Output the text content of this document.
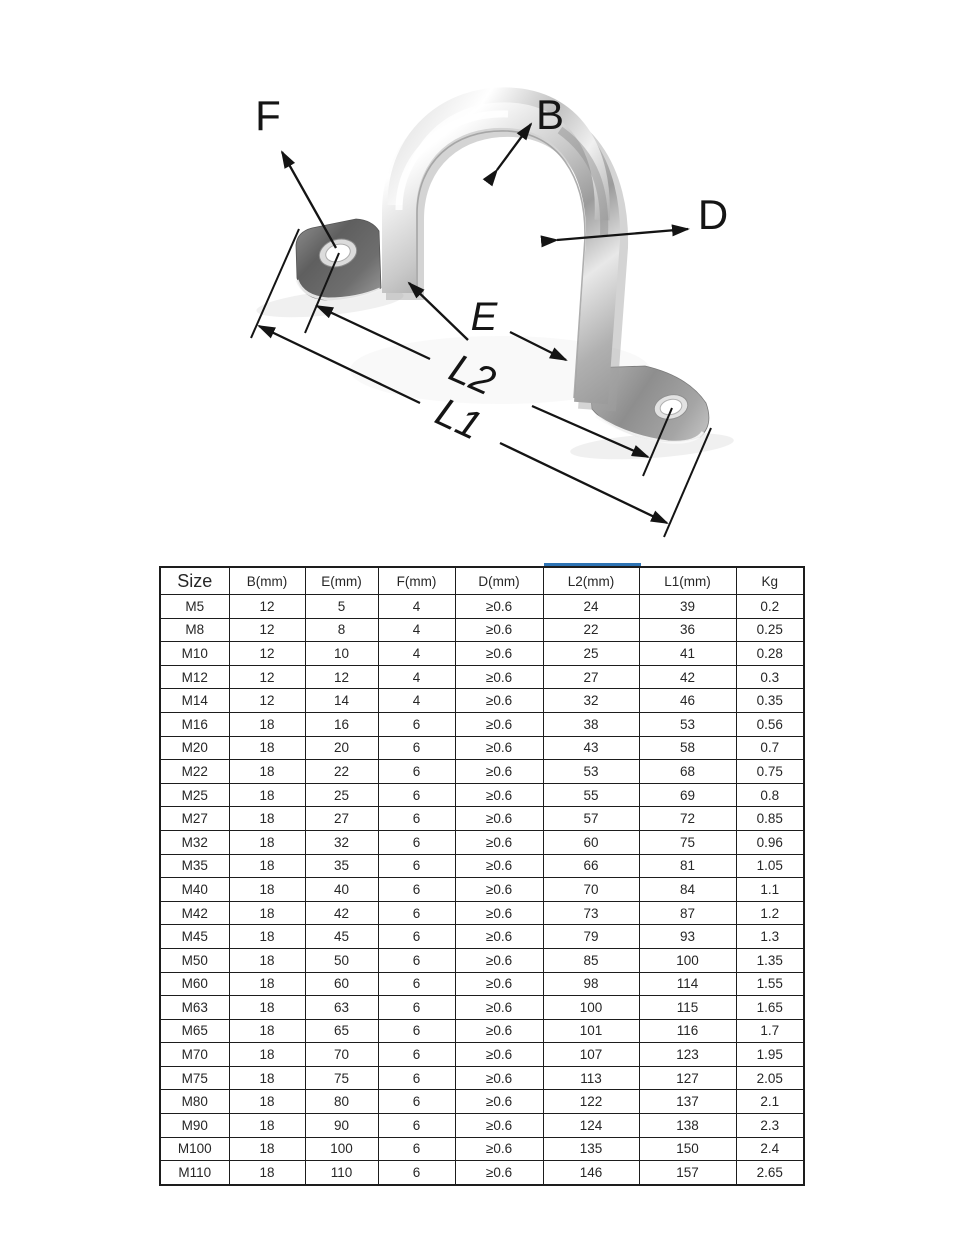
F	B
D
E
L2
L1
Size	B(mm)	E(mm)	F(mm)	D(mm)	L2(mm)	L1(mm)	Kg
M5	12	5	4	≥0.6	24	39	0.2
M8	12	8	4	≥0.6	22	36	0.25
M10	12	10	4	≥0.6	25	41	0.28
M12	12	12	4	≥0.6	27	42	0.3
M14	12	14	4	≥0.6	32	46	0.35
M16	18	16	6	≥0.6	38	53	0.56
M20	18	20	6	≥0.6	43	58	0.7
M22	18	22	6	≥0.6	53	68	0.75
M25	18	25	6	≥0.6	55	69	0.8
M27	18	27	6	≥0.6	57	72	0.85
M32	18	32	6	≥0.6	60	75	0.96
M35	18	35	6	≥0.6	66	81	1.05
M40	18	40	6	≥0.6	70	84	1.1
M42	18	42	6	≥0.6	73	87	1.2
M45	18	45	6	≥0.6	79	93	1.3
M50	18	50	6	≥0.6	85	100	1.35
M60	18	60	6	≥0.6	98	114	1.55
M63	18	63	6	≥0.6	100	115	1.65
M65	18	65	6	≥0.6	101	116	1.7
M70	18	70	6	≥0.6	107	123	1.95
M75	18	75	6	≥0.6	113	127	2.05
M80	18	80	6	≥0.6	122	137	2.1
M90	18	90	6	≥0.6	124	138	2.3
M100	18	100	6	≥0.6	135	150	2.4
M110	18	110	6	≥0.6	146	157	2.65
